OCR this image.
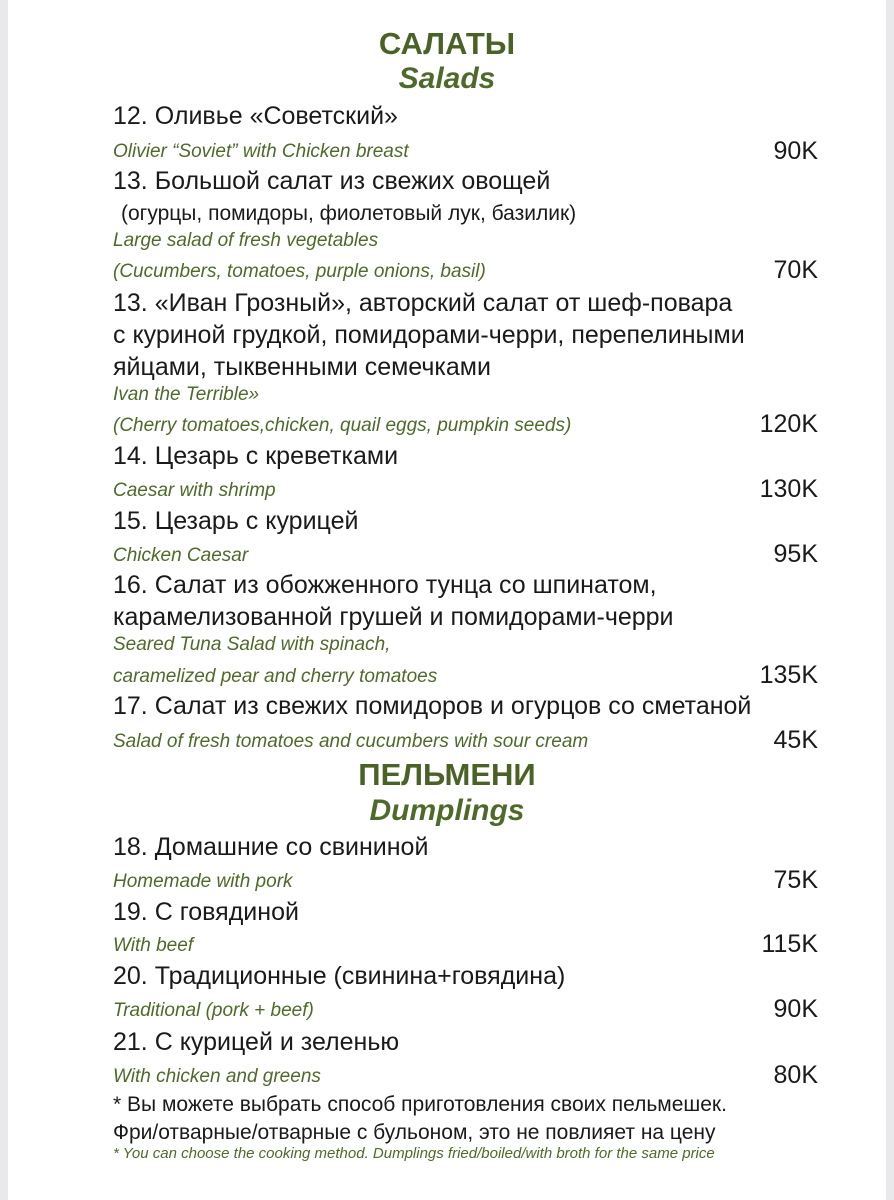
САЛАТЫ
Salads

12. Оливье «Советский»

Olivier “Soviet” with Chicken breast	90K

13. Большой салат из свежих овощей

(огурцы, помидоры, фиолетовый лук, базилик)

Large salad of fresh vegetables

(Cucumbers, tomatoes, purple onions, basil)	70K

13. «Иван Грозный», авторский салат от шеф-повара

с куриной грудкой, помидорами-черри, перепелиными

яйцами, тыквенными семечками

Ivan the Terrible»

(Cherry tomatoes,chicken, quail eggs, pumpkin seeds)	120K

14. Цезарь с креветками

Caesar with shrimp	130K

15. Цезарь с курицей

Chicken Caesar	95K

16. Салат из обожженного тунца со шпинатом,

карамелизованной грушей и помидорами-черри

Seared Tuna Salad with spinach,

caramelized pear and cherry tomatoes	135K

17. Салат из свежих помидоров и огурцов со сметаной

Salad of fresh tomatoes and cucumbers with sour cream	45K

ПЕЛЬМЕНИ
Dumplings

18. Домашние со свининой

Homemade with pork	75K

19. С говядиной

With beef	115K

20. Традиционные (свинина+говядина)

Traditional (pork + beef)	90K

21. С курицей и зеленью

With chicken and greens	80K

* Вы можете выбрать способ приготовления своих пельмешек.

Фри/отварные/отварные с бульоном, это не повлияет на цену

* You can choose the cooking method. Dumplings fried/boiled/with broth for the same price
